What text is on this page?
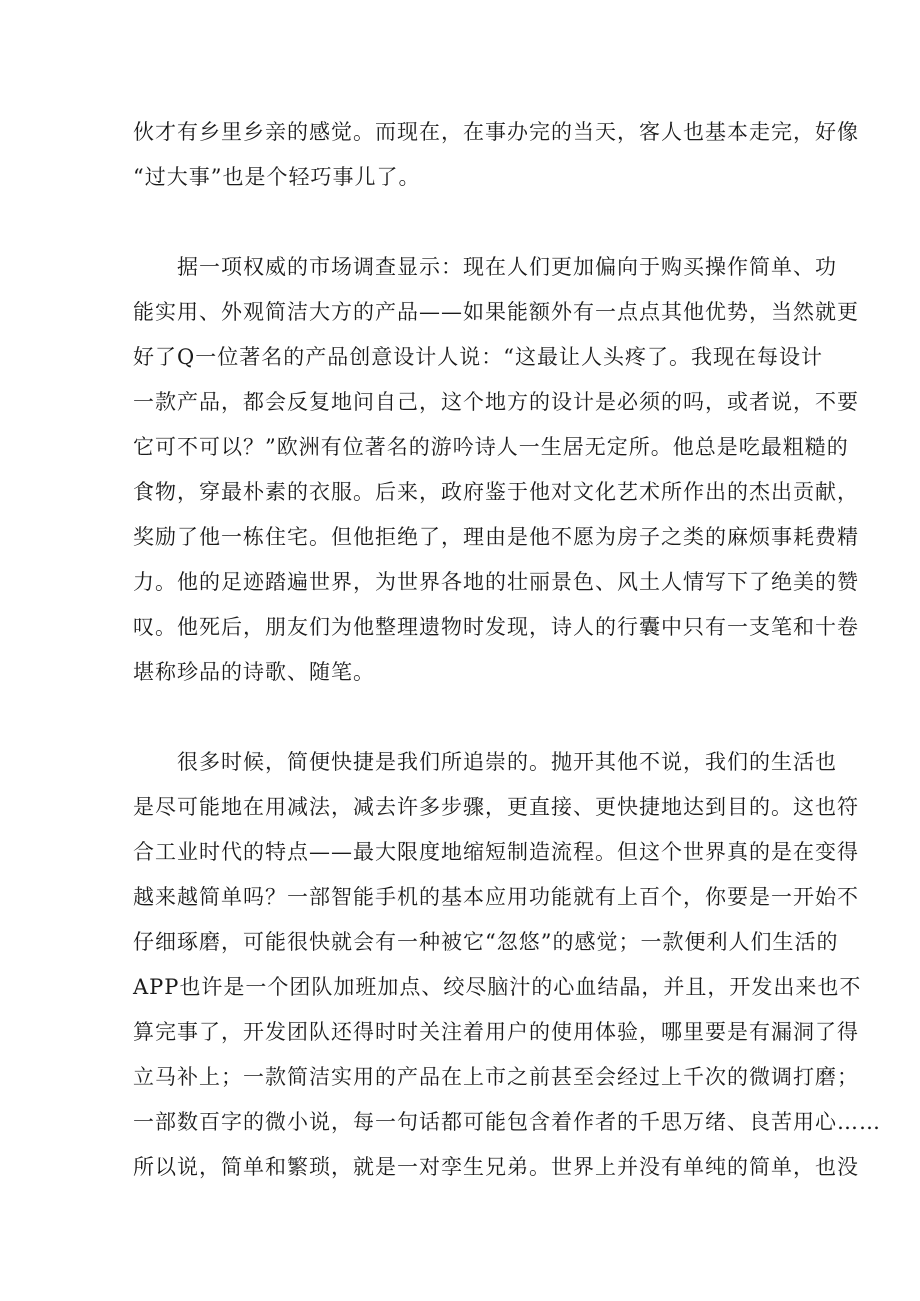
伙才有乡里乡亲的感觉。而现在，在事办完的当天，客人也基本走完，好像
“过大事”也是个轻巧事儿了。
据一项权威的市场调查显示：现在人们更加偏向于购买操作简单、功
能实用、外观简洁大方的产品——如果能额外有一点点其他优势，当然就更
好了Q一位著名的产品创意设计人说：“这最让人头疼了。我现在每设计
一款产品，都会反复地问自己，这个地方的设计是必须的吗，或者说，不要
它可不可以？”欧洲有位著名的游吟诗人一生居无定所。他总是吃最粗糙的
食物，穿最朴素的衣服。后来，政府鉴于他对文化艺术所作出的杰出贡献，
奖励了他一栋住宅。但他拒绝了，理由是他不愿为房子之类的麻烦事耗费精
力。他的足迹踏遍世界，为世界各地的壮丽景色、风土人情写下了绝美的赞
叹。他死后，朋友们为他整理遗物时发现，诗人的行囊中只有一支笔和十卷
堪称珍品的诗歌、随笔。
很多时候，简便快捷是我们所追崇的。抛开其他不说，我们的生活也
是尽可能地在用减法，减去许多步骤，更直接、更快捷地达到目的。这也符
合工业时代的特点——最大限度地缩短制造流程。但这个世界真的是在变得
越来越简单吗？一部智能手机的基本应用功能就有上百个，你要是一开始不
仔细琢磨，可能很快就会有一种被它“忽悠”的感觉；一款便利人们生活的
APP也许是一个团队加班加点、绞尽脑汁的心血结晶，并且，开发出来也不
算完事了，开发团队还得时时关注着用户的使用体验，哪里要是有漏洞了得
立马补上；一款简洁实用的产品在上市之前甚至会经过上千次的微调打磨；
一部数百字的微小说，每一句话都可能包含着作者的千思万绪、良苦用心……
所以说，简单和繁琐，就是一对孪生兄弟。世界上并没有单纯的简单，也没
